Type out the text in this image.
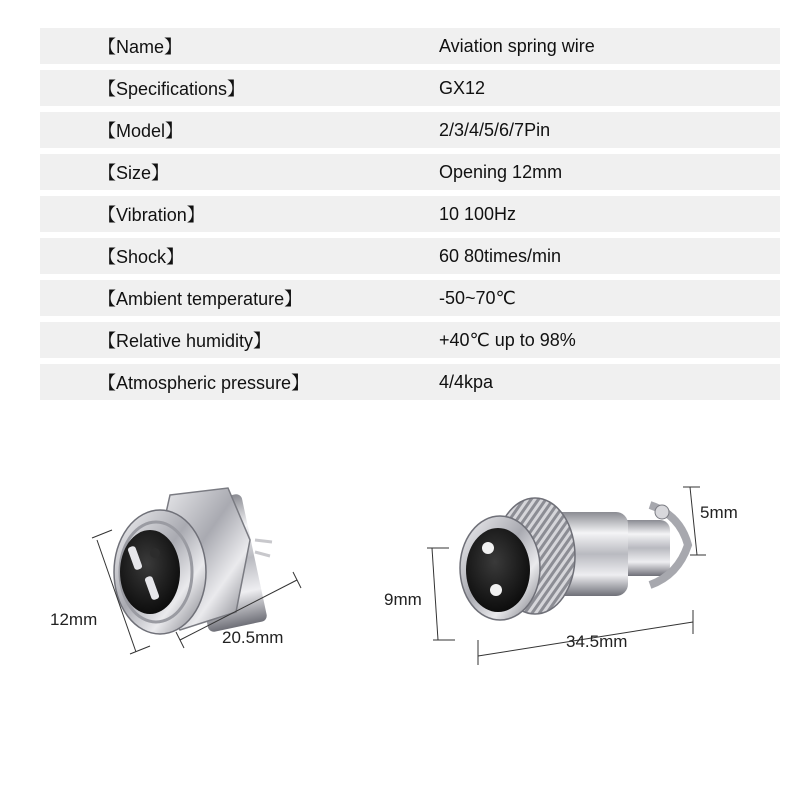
【Name】	Aviation spring wire
【Specifications】	GX12
【Model】	2/3/4/5/6/7Pin
【Size】	Opening 12mm
【Vibration】	10 100Hz
【Shock】	60 80times/min
【Ambient temperature】	-50~70℃
【Relative humidity】	+40℃ up to 98%
【Atmospheric pressure】	4/4kpa
12mm
20.5mm
9mm
34.5mm
5mm
